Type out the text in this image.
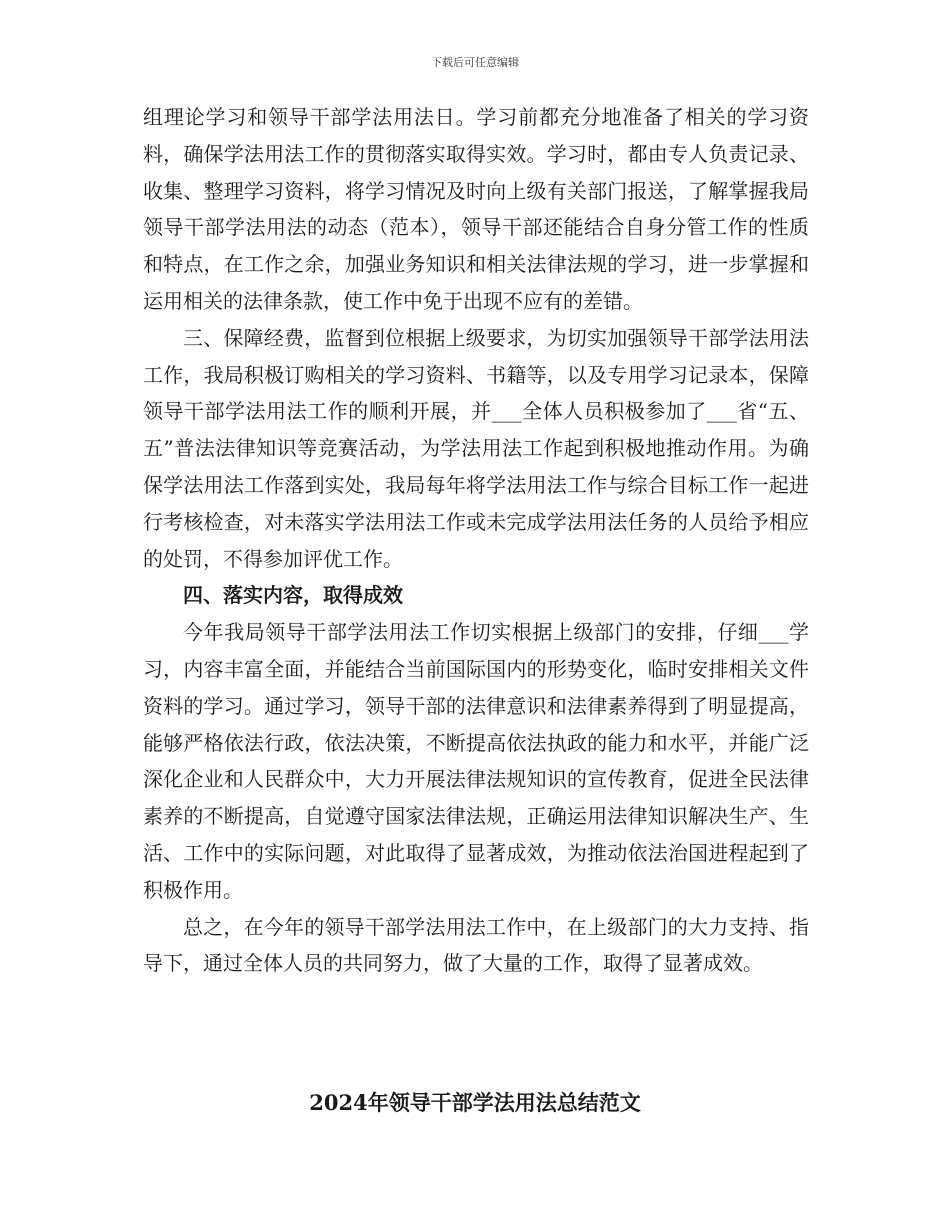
下载后可任意编辑

组理论学习和领导干部学法用法日。学习前都充分地准备了相关的学习资料，确保学法用法工作的贯彻落实取得实效。学习时，都由专人负责记录、收集、整理学习资料，将学习情况及时向上级有关部门报送，了解掌握我局领导干部学法用法的动态（范本），领导干部还能结合自身分管工作的性质和特点，在工作之余，加强业务知识和相关法律法规的学习，进一步掌握和运用相关的法律条款，使工作中免于出现不应有的差错。

三、保障经费，监督到位根据上级要求，为切实加强领导干部学法用法工作，我局积极订购相关的学习资料、书籍等，以及专用学习记录本，保障领导干部学法用法工作的顺利开展，并___全体人员积极参加了___省“五、五”普法法律知识等竞赛活动，为学法用法工作起到积极地推动作用。为确保学法用法工作落到实处，我局每年将学法用法工作与综合目标工作一起进行考核检查，对未落实学法用法工作或未完成学法用法任务的人员给予相应的处罚，不得参加评优工作。

四、落实内容，取得成效

今年我局领导干部学法用法工作切实根据上级部门的安排，仔细___学习，内容丰富全面，并能结合当前国际国内的形势变化，临时安排相关文件资料的学习。通过学习，领导干部的法律意识和法律素养得到了明显提高，能够严格依法行政，依法决策，不断提高依法执政的能力和水平，并能广泛深化企业和人民群众中，大力开展法律法规知识的宣传教育，促进全民法律素养的不断提高，自觉遵守国家法律法规，正确运用法律知识解决生产、生活、工作中的实际问题，对此取得了显著成效，为推动依法治国进程起到了积极作用。

总之，在今年的领导干部学法用法工作中，在上级部门的大力支持、指导下，通过全体人员的共同努力，做了大量的工作，取得了显著成效。

2024年领导干部学法用法总结范文
